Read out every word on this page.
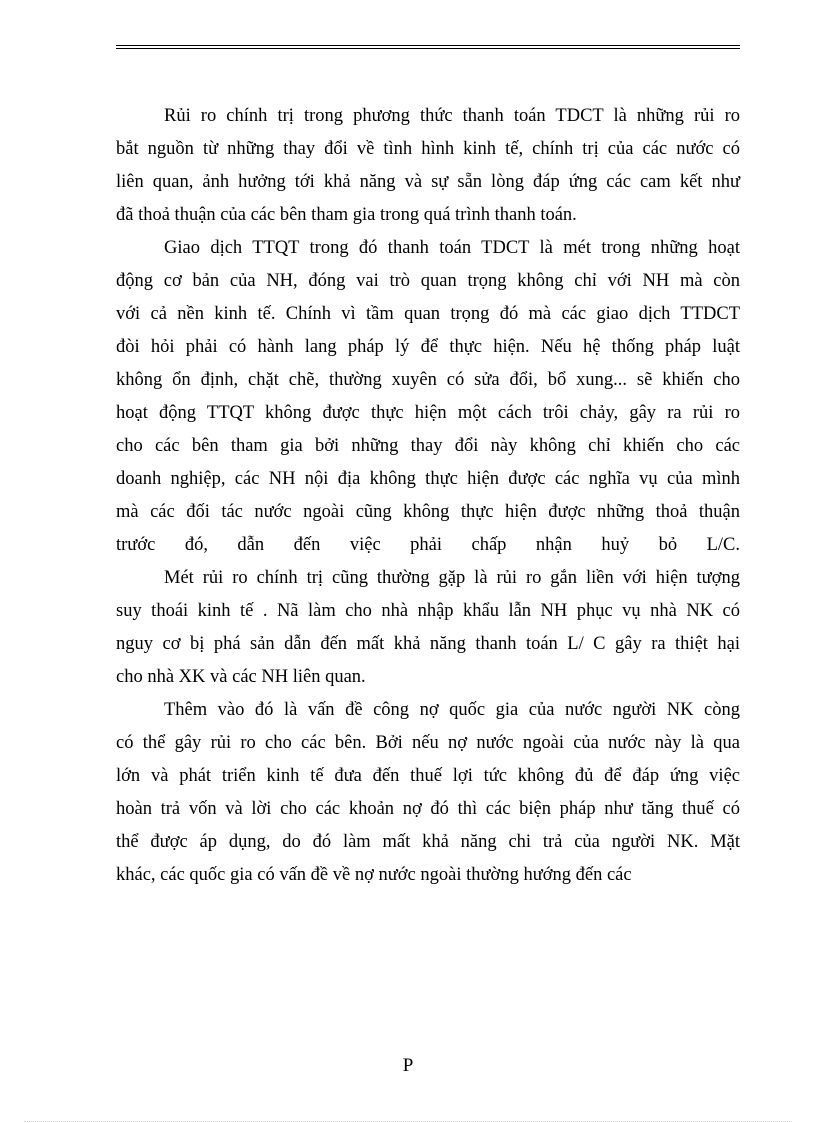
Rủi ro chính trị trong phương thức thanh toán TDCT là những rủi ro
bắt nguồn từ những thay đổi về tình hình kinh tế, chính trị của các nước có
liên quan, ảnh hưởng tới khả năng và sự sẵn lòng đáp ứng các cam kết như
đã thoả thuận của các bên tham gia trong quá trình thanh toán.
Giao dịch TTQT trong đó thanh toán TDCT là mét trong những hoạt
động cơ bản của NH, đóng vai trò quan trọng không chỉ với NH mà còn
với cả nền kinh tế. Chính vì tầm quan trọng đó mà các giao dịch TTDCT
đòi hỏi phải có hành lang pháp lý để thực hiện. Nếu hệ thống pháp luật
không ổn định, chặt chẽ, thường xuyên có sửa đổi, bổ xung... sẽ khiến cho
hoạt động TTQT không được thực hiện một cách trôi chảy, gây ra rủi ro
cho các bên tham gia bởi những thay đổi này không chỉ khiến cho các
doanh nghiệp, các NH nội địa không thực hiện được các nghĩa vụ của mình
mà các đối tác nước ngoài cũng không thực hiện được những thoả thuận
trước đó, dẫn đến việc phải chấp nhận huỷ bỏ L/C.
Mét rủi ro chính trị cũng thường gặp là rủi ro gắn liền với hiện tượng
suy thoái kinh tế . Nã làm cho nhà nhập khẩu lẫn NH phục vụ nhà NK có
nguy cơ bị phá sản dẫn đến mất khả năng thanh toán L/ C gây ra thiệt hại
cho nhà XK và các NH liên quan.
Thêm vào đó là vấn đề công nợ quốc gia của nước người NK còng
có thể gây rủi ro cho các bên. Bởi nếu nợ nước ngoài của nước này là qua
lớn và phát triển kinh tế đưa đến thuế lợi tức không đủ để đáp ứng việc
hoàn trả vốn và lời cho các khoản nợ đó thì các biện pháp như tăng thuế có
thể được áp dụng, do đó làm mất khả năng chi trả của người NK. Mặt
khác, các quốc gia có vấn đề về nợ nước ngoài thường hướng đến các
P
